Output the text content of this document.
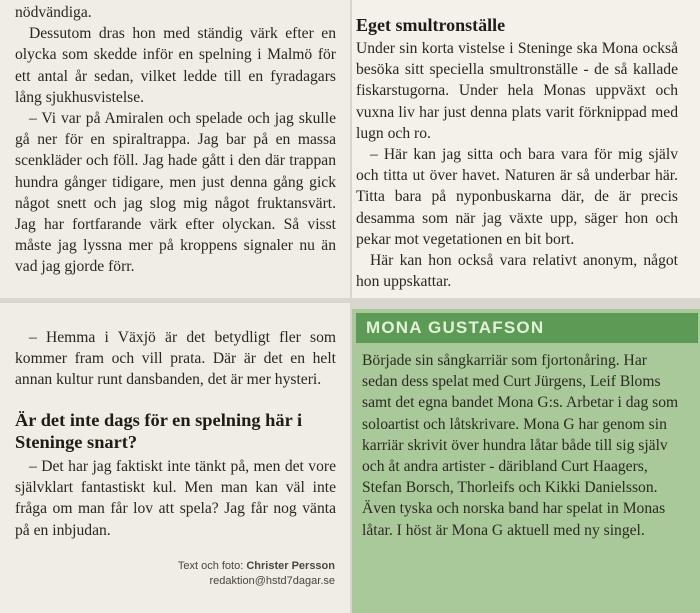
nödvändiga.

Dessutom dras hon med ständig värk efter en olycka som skedde inför en spelning i Malmö för ett antal år sedan, vilket ledde till en fyradagars lång sjukhusvistelse.

– Vi var på Amiralen och spelade och jag skulle gå ner för en spiraltrappa. Jag bar på en massa scenkläder och föll. Jag hade gått i den där trappan hundra gånger tidigare, men just denna gång gick något snett och jag slog mig något fruktansvärt. Jag har fortfarande värk efter olyckan. Så visst måste jag lyssna mer på kroppens signaler nu än vad jag gjorde förr.

Eget smultronställe

Under sin korta vistelse i Steninge ska Mona också besöka sitt speciella smultronställe - de så kallade fiskarstugorna. Under hela Monas uppväxt och vuxna liv har just denna plats varit förknippad med lugn och ro.

– Här kan jag sitta och bara vara för mig själv och titta ut över havet. Naturen är så underbar här. Titta bara på nyponbuskarna där, de är precis desamma som när jag växte upp, säger hon och pekar mot vegetationen en bit bort.

Här kan hon också vara relativt anonym, något hon uppskattar.

– Hemma i Växjö är det betydligt fler som kommer fram och vill prata. Där är det en helt annan kultur runt dansbanden, det är mer hysteri.

Är det inte dags för en spelning här i Steninge snart?

– Det har jag faktiskt inte tänkt på, men det vore självklart fantastiskt kul. Men man kan väl inte fråga om man får lov att spela? Jag får nog vänta på en inbjudan.

Text och foto: Christer Persson
redaktion@hstd7dagar.se
MONA GUSTAFSON

Började sin sångkarriär som fjortonåring. Har sedan dess spelat med Curt Jürgens, Leif Bloms samt det egna bandet Mona G:s. Arbetar i dag som soloartist och låtskrivare. Mona G har genom sin karriär skrivit över hundra låtar både till sig själv och åt andra artister - däribland Curt Haagers, Stefan Borsch, Thorleifs och Kikki Danielsson. Även tyska och norska band har spelat in Monas låtar. I höst är Mona G aktuell med ny singel.
